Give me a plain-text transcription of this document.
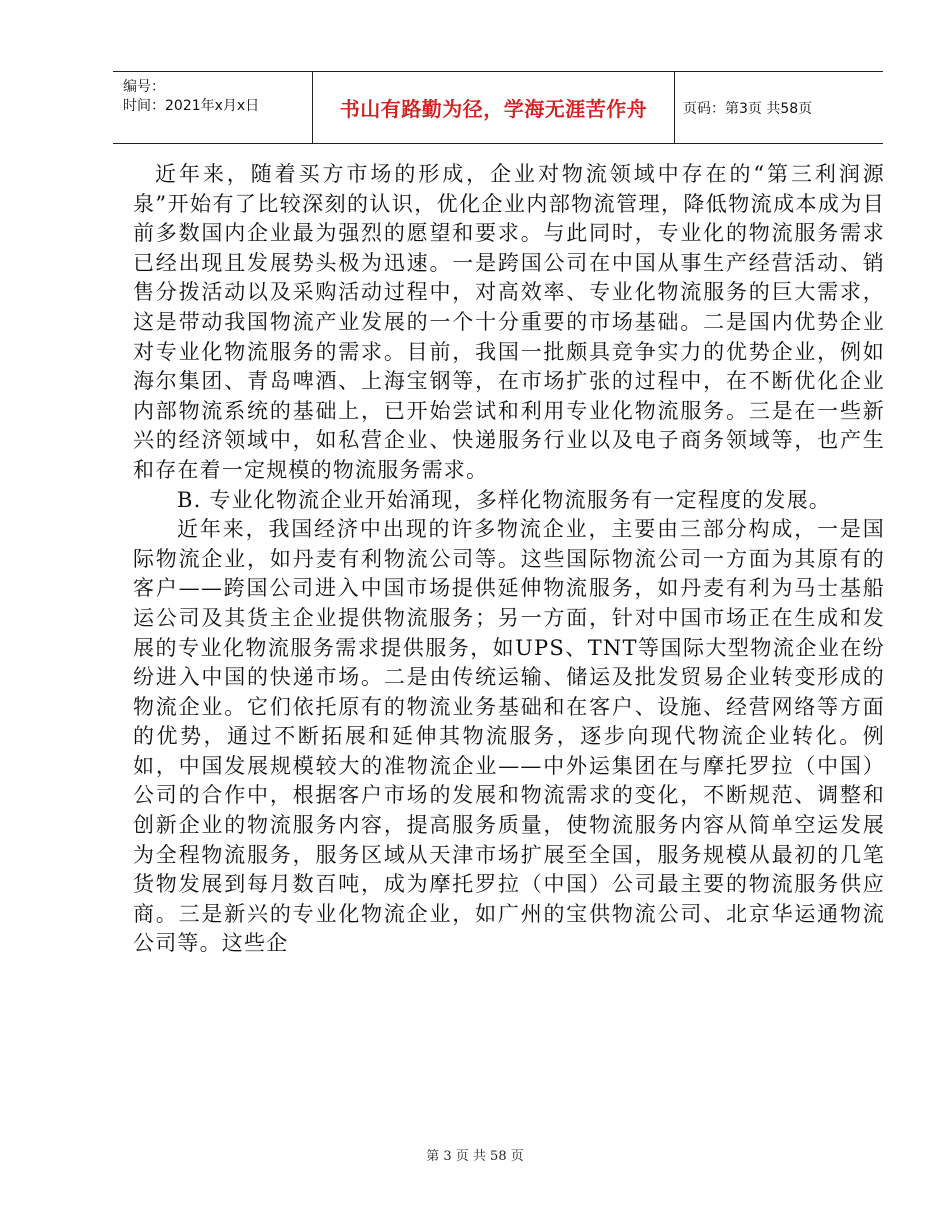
编号：
时间：2021年x月x日	书山有路勤为径，学海无涯苦作舟	页码：第3页 共58页

近年来，随着买方市场的形成，企业对物流领域中存在的“第三利润源泉”开始有了比较深刻的认识，优化企业内部物流管理，降低物流成本成为目前多数国内企业最为强烈的愿望和要求。与此同时，专业化的物流服务需求已经出现且发展势头极为迅速。一是跨国公司在中国从事生产经营活动、销售分拨活动以及采购活动过程中，对高效率、专业化物流服务的巨大需求，这是带动我国物流产业发展的一个十分重要的市场基础。二是国内优势企业对专业化物流服务的需求。目前，我国一批颇具竞争实力的优势企业，例如海尔集团、青岛啤酒、上海宝钢等，在市场扩张的过程中，在不断优化企业内部物流系统的基础上，已开始尝试和利用专业化物流服务。三是在一些新兴的经济领域中，如私营企业、快递服务行业以及电子商务领域等，也产生和存在着一定规模的物流服务需求。

B. 专业化物流企业开始涌现，多样化物流服务有一定程度的发展。

近年来，我国经济中出现的许多物流企业，主要由三部分构成，一是国际物流企业，如丹麦有利物流公司等。这些国际物流公司一方面为其原有的客户——跨国公司进入中国市场提供延伸物流服务，如丹麦有利为马士基船运公司及其货主企业提供物流服务；另一方面，针对中国市场正在生成和发展的专业化物流服务需求提供服务，如UPS、TNT等国际大型物流企业在纷纷进入中国的快递市场。二是由传统运输、储运及批发贸易企业转变形成的物流企业。它们依托原有的物流业务基础和在客户、设施、经营网络等方面的优势，通过不断拓展和延伸其物流服务，逐步向现代物流企业转化。例如，中国发展规模较大的准物流企业——中外运集团在与摩托罗拉（中国）公司的合作中，根据客户市场的发展和物流需求的变化，不断规范、调整和创新企业的物流服务内容，提高服务质量，使物流服务内容从简单空运发展为全程物流服务，服务区域从天津市场扩展至全国，服务规模从最初的几笔货物发展到每月数百吨，成为摩托罗拉（中国）公司最主要的物流服务供应商。三是新兴的专业化物流企业，如广州的宝供物流公司、北京华运通物流公司等。这些企

第 3 页 共 58 页
